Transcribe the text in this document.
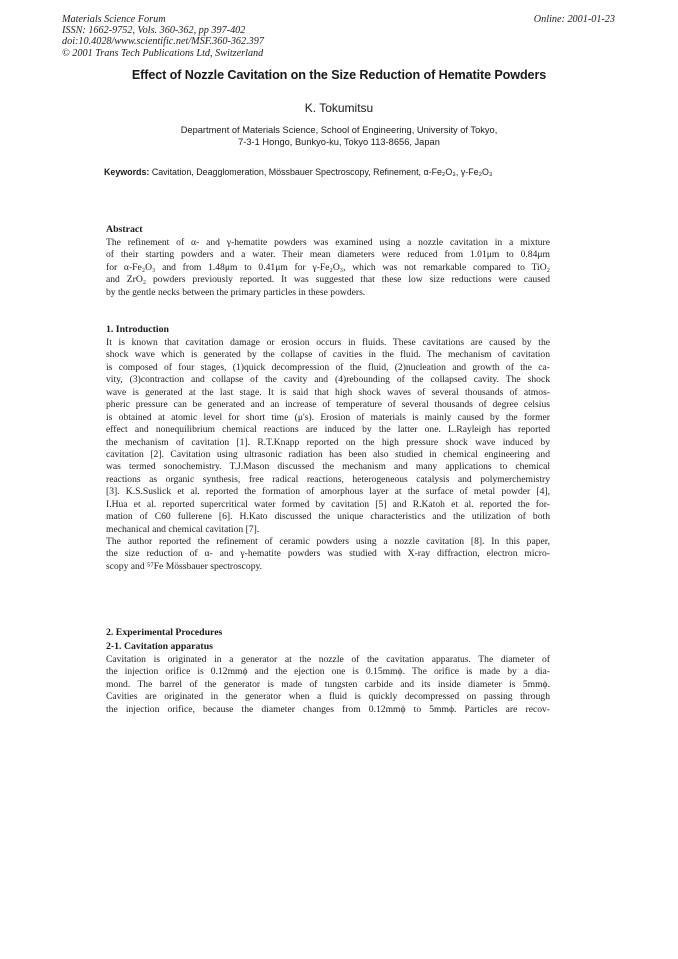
Materials Science Forum
ISSN: 1662-9752, Vols. 360-362, pp 397-402
doi:10.4028/www.scientific.net/MSF.360-362.397
© 2001 Trans Tech Publications Ltd, Switzerland
Online: 2001-01-23
Effect of Nozzle Cavitation on the Size Reduction of Hematite Powders
K. Tokumitsu
Department of Materials Science, School of Engineering, University of Tokyo,
7-3-1 Hongo, Bunkyo-ku, Tokyo 113-8656, Japan
Keywords: Cavitation, Deagglomeration, Mössbauer Spectroscopy, Refinement, α-Fe₂O₃, γ-Fe₂O₃
Abstract
The refinement of α- and γ-hematite powders was examined using a nozzle cavitation in a mixture
of their starting powders and a water. Their mean diameters were reduced from 1.01μm to 0.84μm
for α-Fe₂O₃ and from 1.48μm to 0.41μm for γ-Fe₂O₃, which was not remarkable compared to TiO₂
and ZrO₂ powders previously reported. It was suggested that these low size reductions were caused
by the gentle necks between the primary particles in these powders.
1. Introduction
It is known that cavitation damage or erosion occurs in fluids. These cavitations are caused by the
shock wave which is generated by the collapse of cavities in the fluid. The mechanism of cavitation
is composed of four stages, (1)quick decompression of the fluid, (2)nucleation and growth of the ca-
vity, (3)contraction and collapse of the cavity and (4)rebounding of the collapsed cavity. The shock
wave is generated at the last stage. It is said that high shock waves of several thousands of atmos-
pheric pressure can be generated and an increase of temperature of several thousands of degree celsius
is obtained at atomic level for short time (μ's). Erosion of materials is mainly caused by the former
effect and nonequilibrium chemical reactions are induced by the latter one. L.Rayleigh has reported
the mechanism of cavitation [1]. R.T.Knapp reported on the high pressure shock wave induced by
cavitation [2]. Cavitation using ultrasonic radiation has been also studied in chemical engineering and
was termed sonochemistry. T.J.Mason discussed the mechanism and many applications to chemical
reactions as organic synthesis, free radical reactions, heterogeneous catalysis and polymerchemistry
[3]. K.S.Suslick et al. reported the formation of amorphous layer at the surface of metal powder [4],
I.Hua et al. reported supercritical water formed by cavitation [5] and R.Katoh et al. reported the for-
mation of C60 fullerene [6]. H.Kato discussed the unique characteristics and the utilization of both
mechanical and chemical cavitation [7].
The author reported the refinement of ceramic powders using a nozzle cavitation [8]. In this paper,
the size reduction of α- and γ-hematite powders was studied with X-ray diffraction, electron micro-
scopy and ⁵⁷Fe Mössbauer spectroscopy.
2. Experimental Procedures
2-1. Cavitation apparatus
Cavitation is originated in a generator at the nozzle of the cavitation apparatus. The diameter of
the injection orifice is 0.12mmϕ and the ejection one is 0.15mmϕ. The orifice is made by a dia-
mond. The barrel of the generator is made of tungsten carbide and its inside diameter is 5mmϕ.
Cavities are originated in the generator when a fluid is quickly decompressed on passing through
the injection orifice, because the diameter changes from 0.12mmϕ to 5mmϕ. Particles are recov-
